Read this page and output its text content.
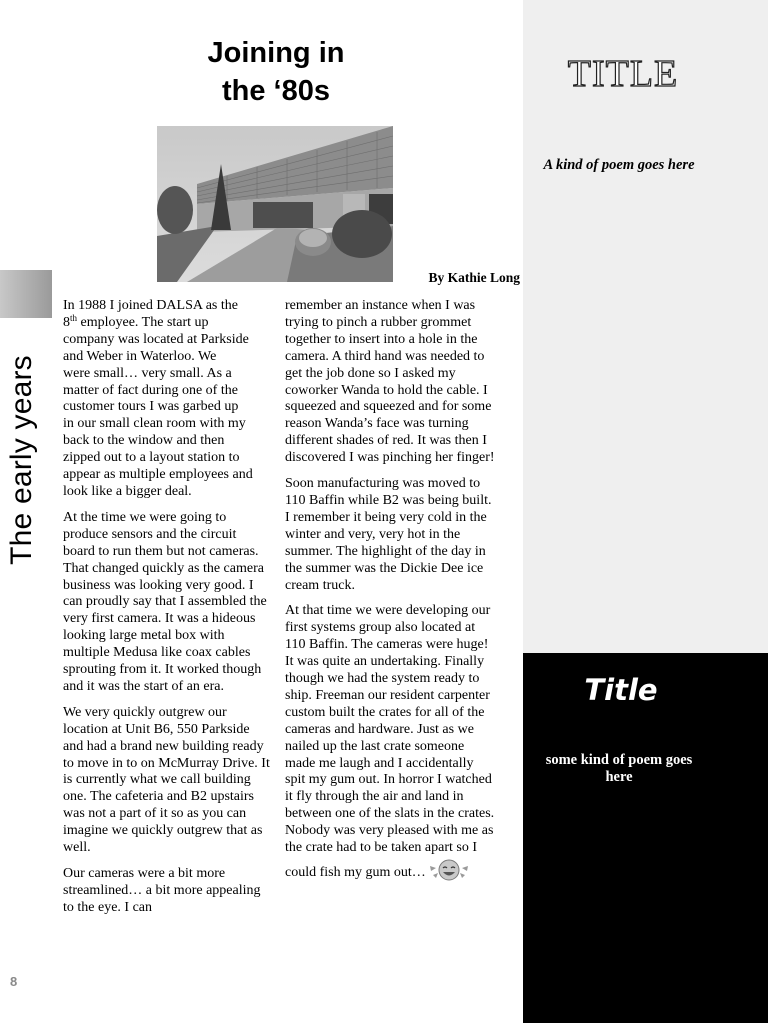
Joining in
the ‘80s
By Kathie Long
The early years

In 1988 I joined DALSA as the
8th employee. The start up
company was located at Parkside
and Weber in Waterloo. We
were small… very small. As a
matter of fact during one of the
customer tours I was garbed up
in our small clean room with my
back to the window and then
zipped out to a layout station to
appear as multiple employees and
look like a bigger deal.

At the time we were going to produce sensors and the circuit board to run them but not cameras. That changed quickly as the camera business was looking very good. I can proudly say that I assembled the very first camera. It was a hideous looking large metal box with multiple Medusa like coax cables sprouting from it. It worked though and it was the start of an era.

We very quickly outgrew our location at Unit B6, 550 Parkside and had a brand new building ready to move in to on McMurray Drive. It is currently what we call building one. The cafeteria and B2 upstairs was not a part of it so as you can imagine we quickly outgrew that as well.

Our cameras were a bit more streamlined… a bit more appealing to the eye. I can

remember an instance when I was trying to pinch a rubber grommet together to insert into a hole in the camera. A third hand was needed to get the job done so I asked my coworker Wanda to hold the cable. I squeezed and squeezed and for some reason Wanda’s face was turning different shades of red. It was then I discovered I was pinching her finger!

Soon manufacturing was moved to 110 Baffin while B2 was being built. I remember it being very cold in the winter and very, very hot in the summer. The highlight of the day in the summer was the Dickie Dee ice cream truck.

At that time we were developing our first systems group also located at 110 Baffin. The cameras were huge! It was quite an undertaking. Finally though we had the system ready to ship. Freeman our resident carpenter custom built the crates for all of the cameras and hardware. Just as we nailed up the last crate someone made me laugh and I accidentally spit my gum out. In horror I watched it fly through the air and land in between one of the slats in the crates. Nobody was very pleased with me as the crate had to be taken apart so I could fish my gum out…

8
TITLE
A kind of poem goes here
Title
some kind of poem goes here
